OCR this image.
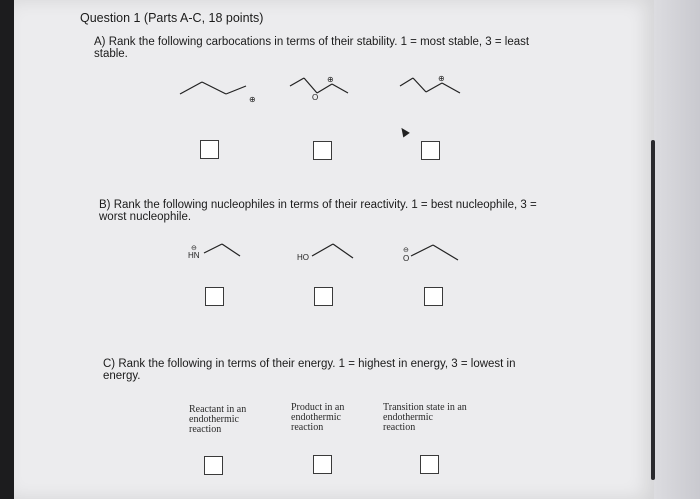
Question 1 (Parts A-C, 18 points)
A) Rank the following carbocations in terms of their stability. 1 = most stable, 3 = least
stable.
⊕
⊕
O
⊕
B) Rank the following nucleophiles in terms of their reactivity. 1 = best nucleophile, 3 =
worst nucleophile.
HN
⊖
HO	O
⊖
C) Rank the following in terms of their energy. 1 = highest in energy, 3 = lowest in
energy.
Reactant in an
endothermic
reaction
Product in an
endothermic
reaction
Transition state in an
endothermic
reaction
